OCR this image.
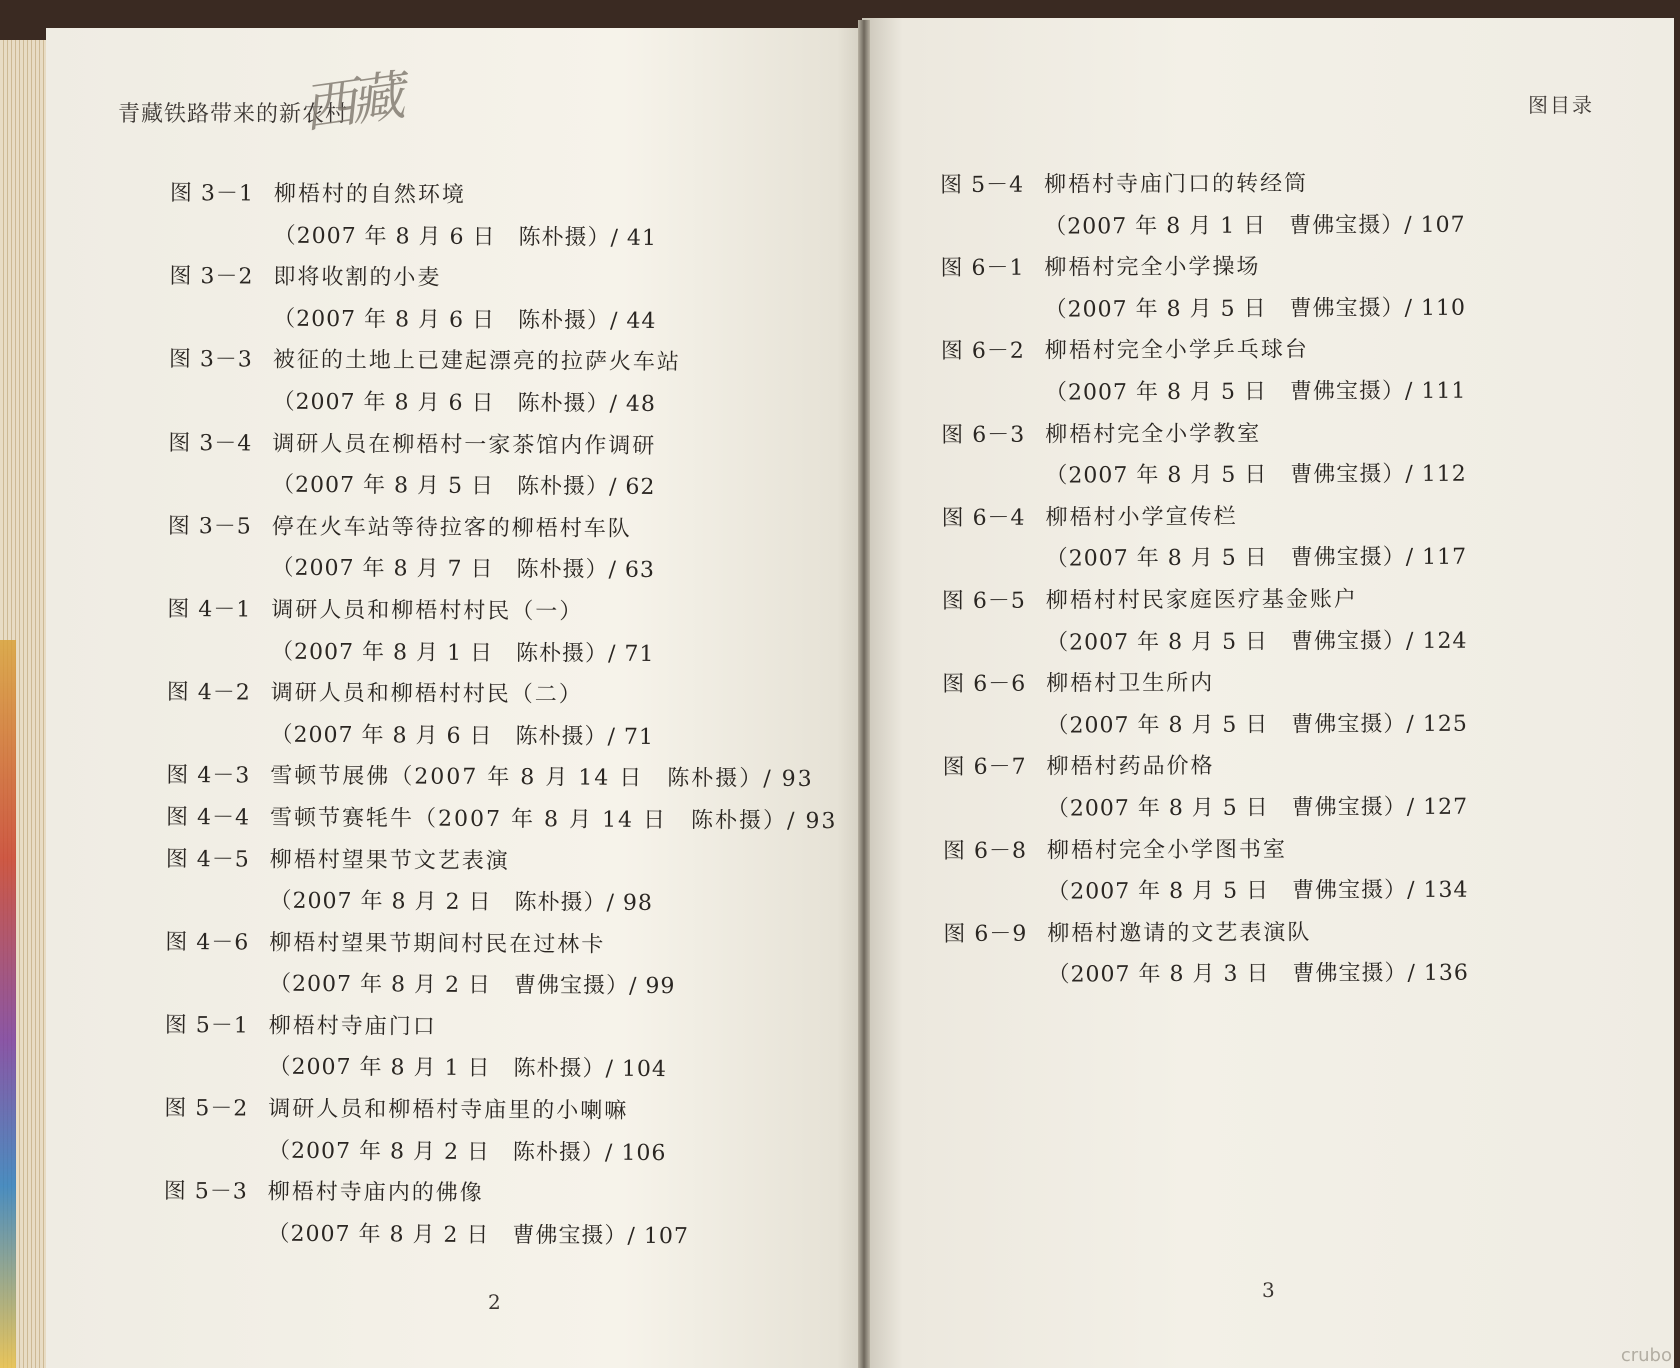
青藏铁路带来的新农村
西藏	图目录
图 3－1 柳梧村的自然环境
（2007 年 8 月 6 日　陈朴摄）/ 41
图 3－2 即将收割的小麦
（2007 年 8 月 6 日　陈朴摄）/ 44
图 3－3 被征的土地上已建起漂亮的拉萨火车站
（2007 年 8 月 6 日　陈朴摄）/ 48
图 3－4 调研人员在柳梧村一家茶馆内作调研
（2007 年 8 月 5 日　陈朴摄）/ 62
图 3－5 停在火车站等待拉客的柳梧村车队
（2007 年 8 月 7 日　陈朴摄）/ 63
图 4－1 调研人员和柳梧村村民（一）
（2007 年 8 月 1 日　陈朴摄）/ 71
图 4－2 调研人员和柳梧村村民（二）
（2007 年 8 月 6 日　陈朴摄）/ 71
图 4－3 雪顿节展佛（2007 年 8 月 14 日　陈朴摄）/ 93
图 4－4 雪顿节赛牦牛（2007 年 8 月 14 日　陈朴摄）/ 93
图 4－5 柳梧村望果节文艺表演
（2007 年 8 月 2 日　陈朴摄）/ 98
图 4－6 柳梧村望果节期间村民在过林卡
（2007 年 8 月 2 日　曹佛宝摄）/ 99
图 5－1 柳梧村寺庙门口
（2007 年 8 月 1 日　陈朴摄）/ 104
图 5－2 调研人员和柳梧村寺庙里的小喇嘛
（2007 年 8 月 2 日　陈朴摄）/ 106
图 5－3 柳梧村寺庙内的佛像
（2007 年 8 月 2 日　曹佛宝摄）/ 107
图 5－4 柳梧村寺庙门口的转经筒
（2007 年 8 月 1 日　曹佛宝摄）/ 107
图 6－1 柳梧村完全小学操场
（2007 年 8 月 5 日　曹佛宝摄）/ 110
图 6－2 柳梧村完全小学乒乓球台
（2007 年 8 月 5 日　曹佛宝摄）/ 111
图 6－3 柳梧村完全小学教室
（2007 年 8 月 5 日　曹佛宝摄）/ 112
图 6－4 柳梧村小学宣传栏
（2007 年 8 月 5 日　曹佛宝摄）/ 117
图 6－5 柳梧村村民家庭医疗基金账户
（2007 年 8 月 5 日　曹佛宝摄）/ 124
图 6－6 柳梧村卫生所内
（2007 年 8 月 5 日　曹佛宝摄）/ 125
图 6－7 柳梧村药品价格
（2007 年 8 月 5 日　曹佛宝摄）/ 127
图 6－8 柳梧村完全小学图书室
（2007 年 8 月 5 日　曹佛宝摄）/ 134
图 6－9 柳梧村邀请的文艺表演队
（2007 年 8 月 3 日　曹佛宝摄）/ 136
2	3
crubo
